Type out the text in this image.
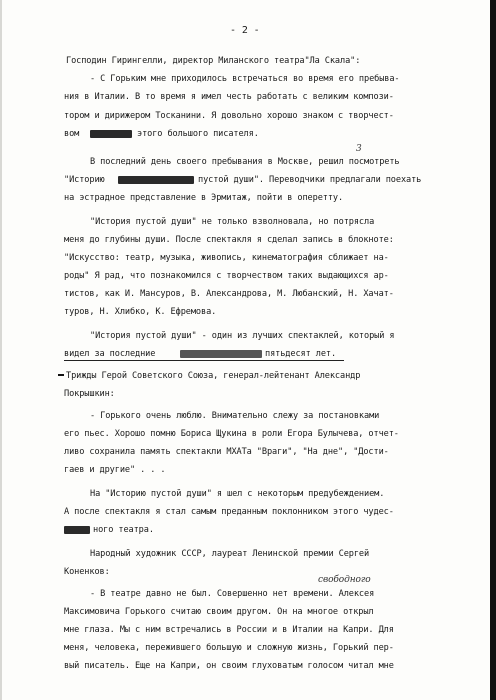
- 2 -
Господин Гирингелли, директор Миланского театра"Ла Скала":
- С Горьким мне приходилось встречаться во время его пребыва-
ния в Италии. В то время я имел честь работать с великим компози-
тором и дирижером Тосканини. Я довольно хорошо знаком с творчест-
вом	этого большого писателя.
В последний день своего пребывания в Москве, решил посмотреть
3
"Историю	пустой души". Переводчики предлагали поехать
на эстрадное представление в Эрмитаж, пойти в оперетту.
"История пустой души" не только взволновала, но потрясла
меня до глубины души. После спектакля я сделал запись в блокноте:
"Искусство: театр, музыка, живопись, кинематография сближает на-
роды" Я рад, что познакомился с творчеством таких выдающихся ар-
тистов, как И. Мансуров, В. Александрова, М. Любанский, Н. Хачат-
туров, Н. Хлибко, К. Ефремова.
"История пустой души" - один из лучших спектаклей, который я
видел за последние	пятьдесят лет.
Трижды Герой Советского Союза, генерал-лейтенант Александр
Покрышкин:
- Горького очень люблю. Внимательно слежу за постановками
его пьес. Хорошо помню Бориса Щукина в роли Егора Булычева, отчет-
ливо сохранила память спектакли МХАТа "Враги", "На дне", "Дости-
гаев и другие" . . .
На "Историю пустой души" я шел с некоторым предубеждением.
А после спектакля я стал самым преданным поклонником этого чудес-
ного театра.
Народный художник СССР, лауреат Ленинской премии Сергей
Коненков:
свободного
- В театре давно не был. Совершенно нет времени. Алексея
Максимовича Горького считаю своим другом. Он на многое открыл
мне глаза. Мы с ним встречались в России и в Италии на Капри. Для
меня, человека, пережившего большую и сложную жизнь, Горький пер-
вый писатель. Еще на Капри, он своим глуховатым голосом читал мне
